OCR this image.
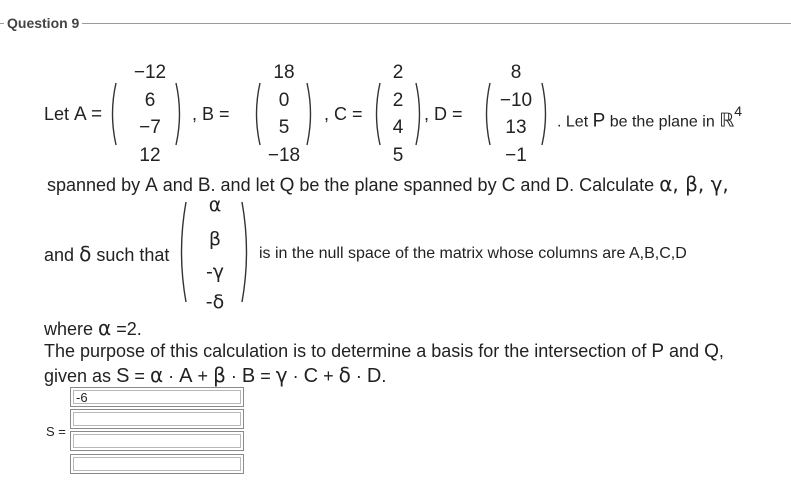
Question 9
Let A =
−12
6
−7
12
, B =
18
0
5
−18
, C =
2
2
4
5
, D =
8
−10
13
−1
. Let P be the plane in ℝ$^4$
spanned by A and B. and let Q be the plane spanned by C and D. Calculate α, β, γ,
and δ such that
α
β
-γ
-δ
is in the null space of the matrix whose columns are A,B,C,D
where α =2.
The purpose of this calculation is to determine a basis for the intersection of P and Q,
given as S = α · A + β · B = γ · C + δ · D.
S =
-6
